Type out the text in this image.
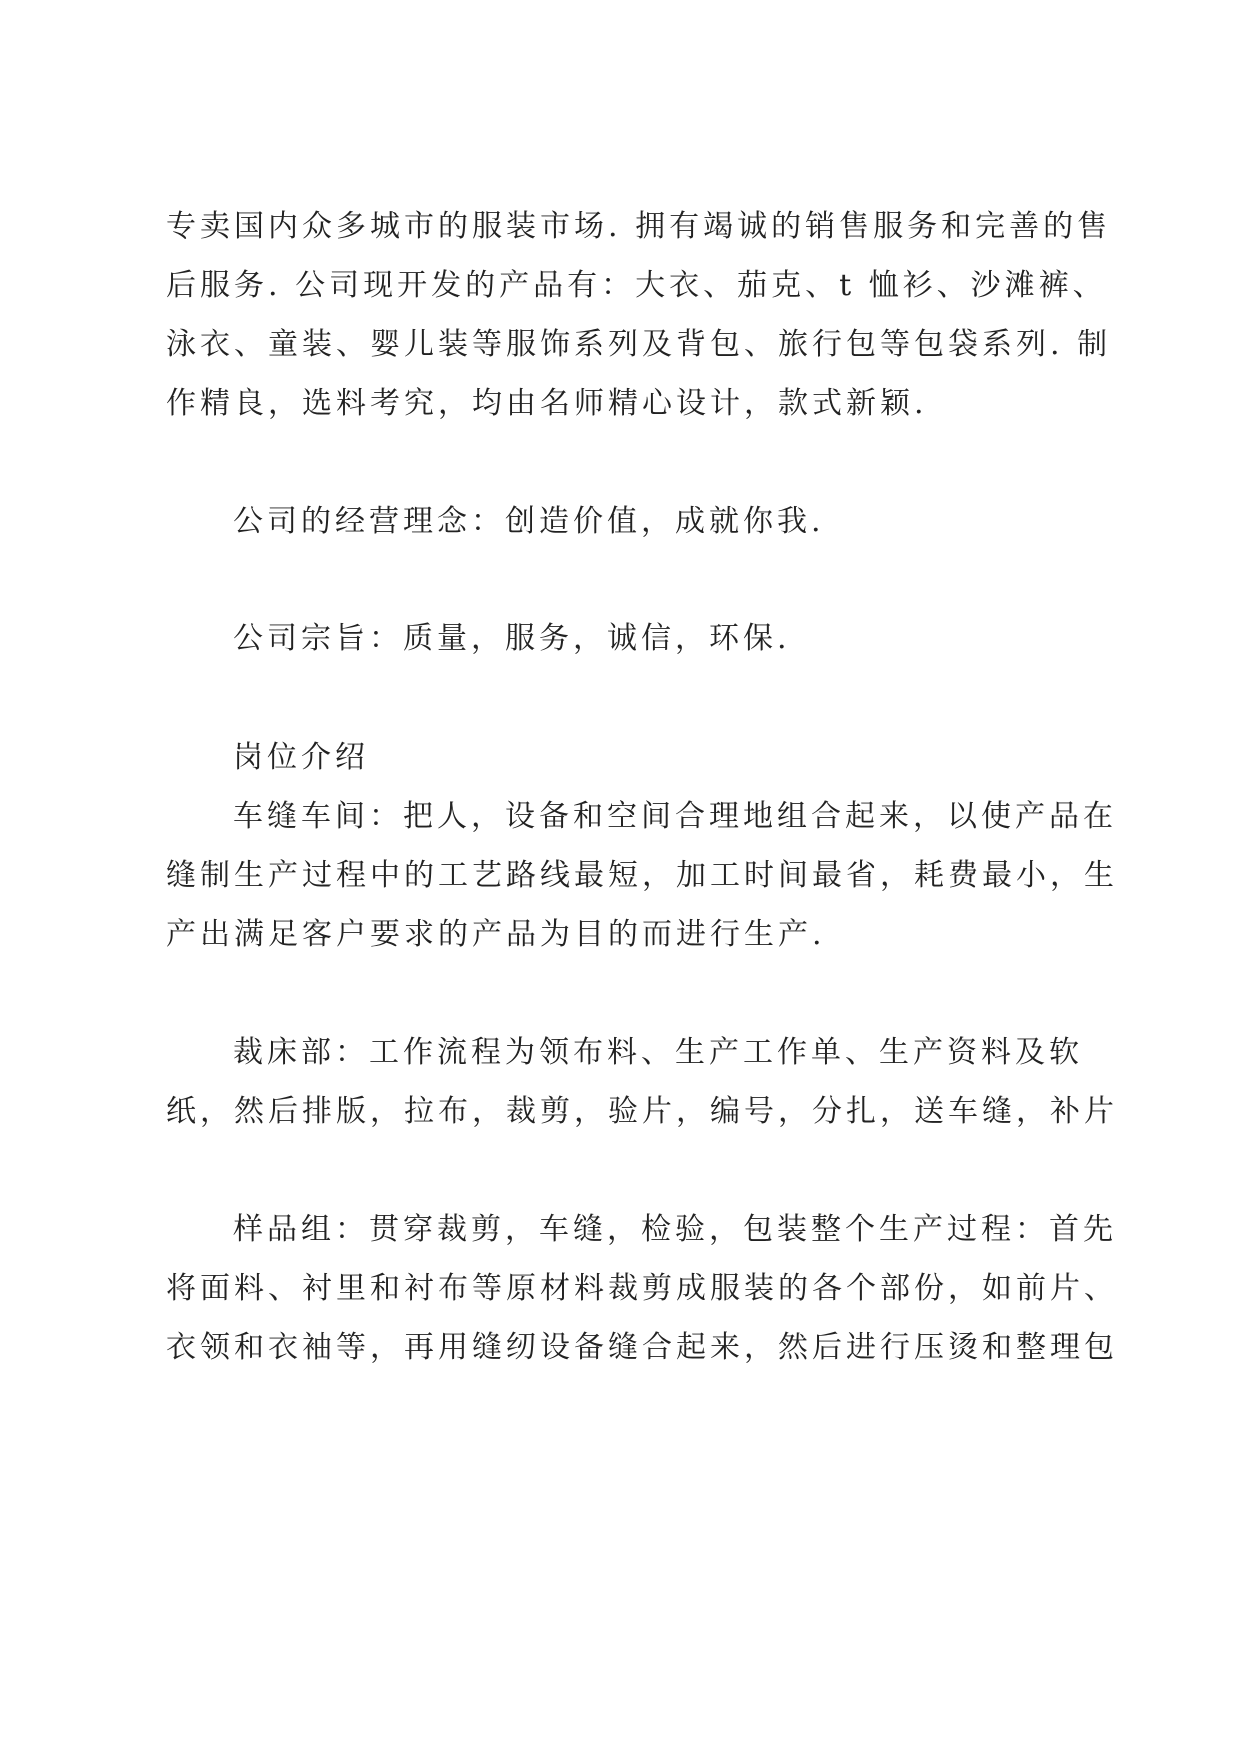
专卖国内众多城市的服装市场. 拥有竭诚的销售服务和完善的售
后服务. 公司现开发的产品有：大衣、茄克、t 恤衫、沙滩裤、
泳衣、童装、婴儿装等服饰系列及背包、旅行包等包袋系列. 制
作精良，选料考究，均由名师精心设计，款式新颖.
公司的经营理念：创造价值，成就你我.
公司宗旨：质量，服务，诚信，环保.
岗位介绍
车缝车间：把人，设备和空间合理地组合起来，以使产品在
缝制生产过程中的工艺路线最短，加工时间最省，耗费最小，生
产出满足客户要求的产品为目的而进行生产.
裁床部：工作流程为领布料、生产工作单、生产资料及软
纸，然后排版，拉布，裁剪，验片，编号，分扎，送车缝，补片
样品组：贯穿裁剪，车缝，检验，包装整个生产过程：首先
将面料、衬里和衬布等原材料裁剪成服装的各个部份，如前片、
衣领和衣袖等，再用缝纫设备缝合起来，然后进行压烫和整理包
